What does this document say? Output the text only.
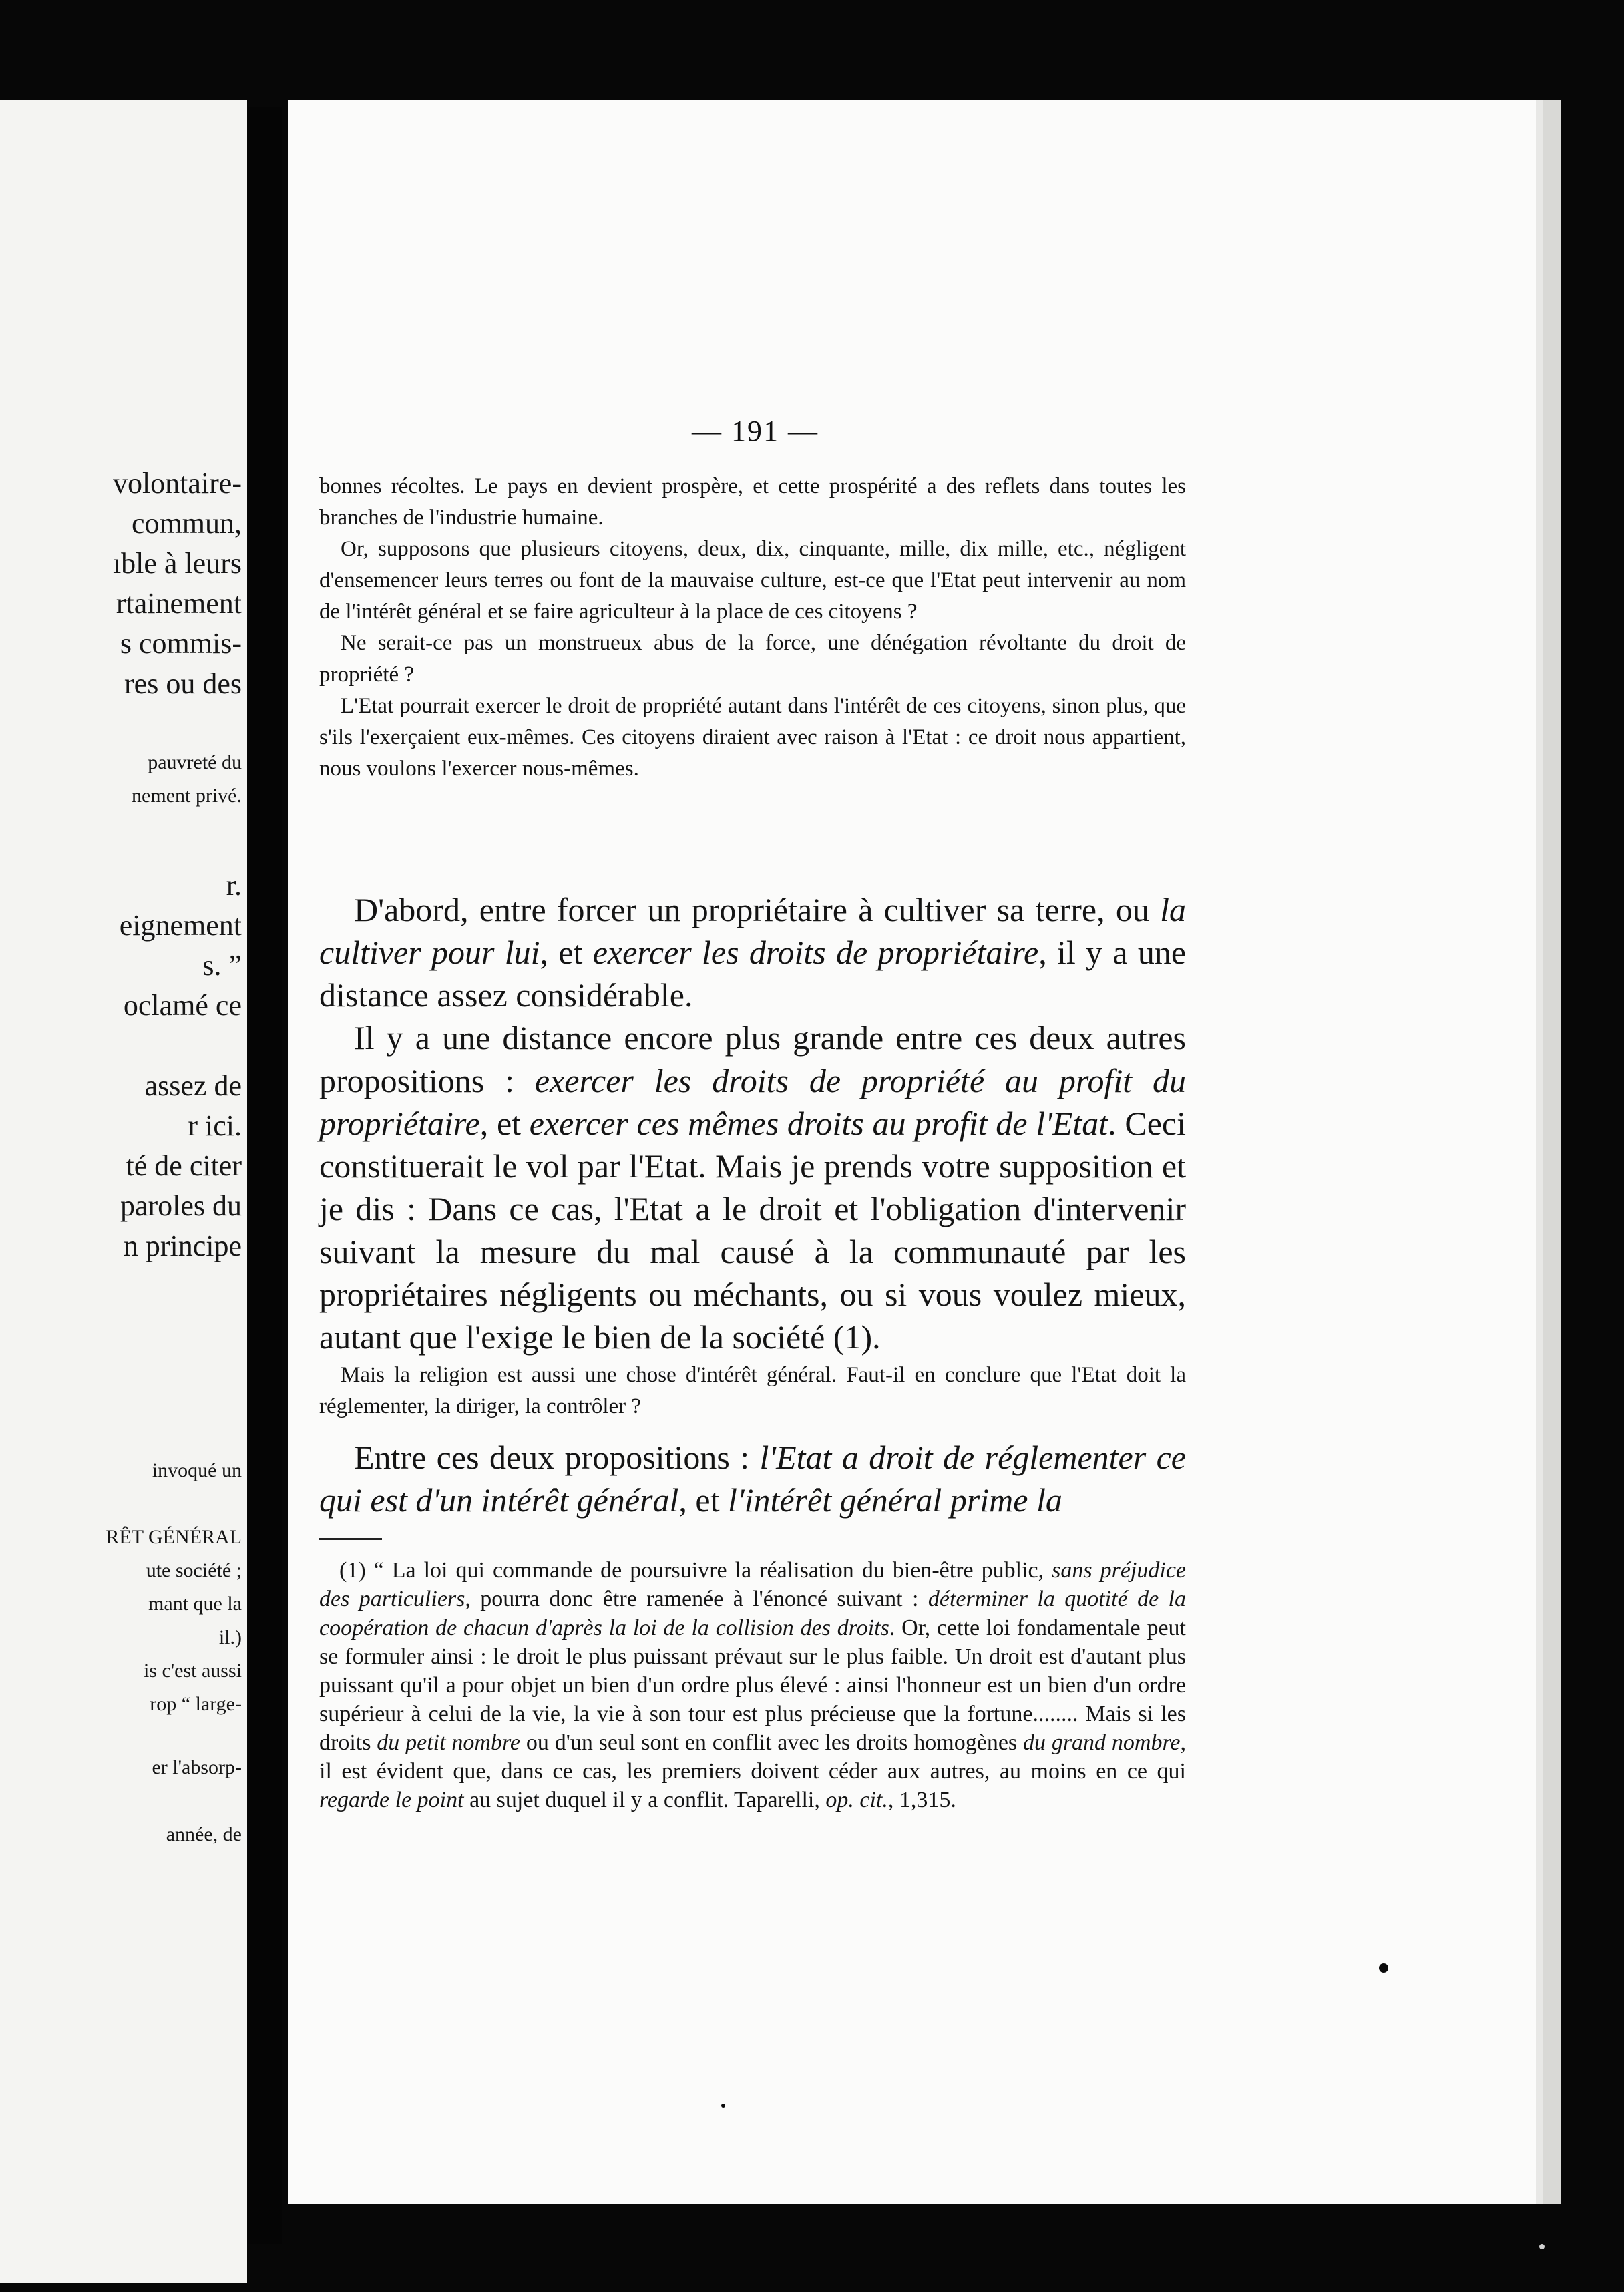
volontaire-
commun,
ıble à leurs
rtainement
s commis-
res ou des
pauvreté du
nement privé.
r.
eignement
s. ”
oclamé ce
assez de
r ici.
té de citer
paroles du
n principe
invoqué un
RÊT GÉNÉRAL
ute société ;
mant que la
il.)
is c'est aussi
rop “ large-
er l'absorp-
année, de
— 191 —

bonnes récoltes. Le pays en devient prospère, et cette prospérité a des reflets dans toutes les branches de l'industrie humaine.

Or, supposons que plusieurs citoyens, deux, dix, cinquante, mille, dix mille, etc., négligent d'ensemencer leurs terres ou font de la mauvaise culture, est-ce que l'Etat peut intervenir au nom de l'intérêt général et se faire agriculteur à la place de ces citoyens ?

Ne serait-ce pas un monstrueux abus de la force, une dénégation révoltante du droit de propriété ?

L'Etat pourrait exercer le droit de propriété autant dans l'intérêt de ces citoyens, sinon plus, que s'ils l'exerçaient eux-mêmes. Ces citoyens diraient avec raison à l'Etat : ce droit nous appartient, nous voulons l'exercer nous-mêmes.

D'abord, entre forcer un propriétaire à cultiver sa terre, ou la cultiver pour lui, et exercer les droits de propriétaire, il y a une distance assez considérable.

Il y a une distance encore plus grande entre ces deux autres propositions : exercer les droits de propriété au profit du propriétaire, et exercer ces mêmes droits au profit de l'Etat. Ceci constituerait le vol par l'Etat. Mais je prends votre supposition et je dis : Dans ce cas, l'Etat a le droit et l'obligation d'intervenir suivant la mesure du mal causé à la communauté par les propriétaires négligents ou méchants, ou si vous voulez mieux, autant que l'exige le bien de la société (1).

Mais la religion est aussi une chose d'intérêt général. Faut-il en conclure que l'Etat doit la réglementer, la diriger, la contrôler ?

Entre ces deux propositions : l'Etat a droit de réglementer ce qui est d'un intérêt général, et l'intérêt général prime la

(1) “ La loi qui commande de poursuivre la réalisation du bien-être public, sans préjudice des particuliers, pourra donc être ramenée à l'énoncé suivant : déterminer la quotité de la coopération de chacun d'après la loi de la collision des droits. Or, cette loi fondamentale peut se formuler ainsi : le droit le plus puissant prévaut sur le plus faible. Un droit est d'autant plus puissant qu'il a pour objet un bien d'un ordre plus élevé : ainsi l'honneur est un bien d'un ordre supérieur à celui de la vie, la vie à son tour est plus précieuse que la fortune........ Mais si les droits du petit nombre ou d'un seul sont en conflit avec les droits homogènes du grand nombre, il est évident que, dans ce cas, les premiers doivent céder aux autres, au moins en ce qui regarde le point au sujet duquel il y a conflit. Taparelli, op. cit., 1,315.
